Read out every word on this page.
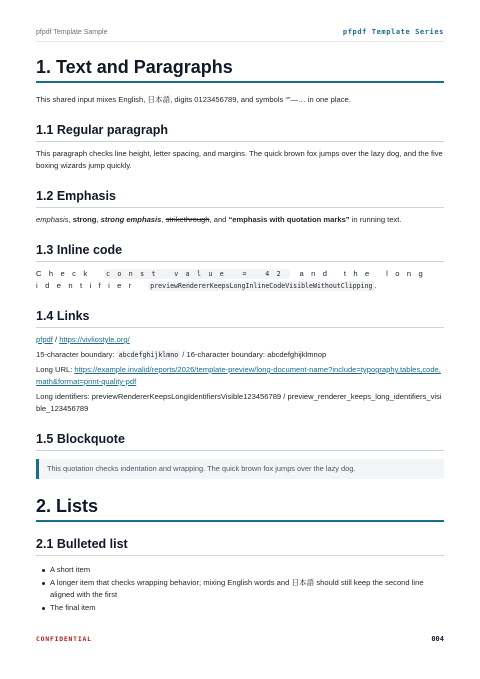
pfpdf Template Sample	pfpdf Template Series
1. Text and Paragraphs

This shared input mixes English, 日本語, digits 0123456789, and symbols “”—… in one place.

1.1 Regular paragraph

This paragraph checks line height, letter spacing, and margins. The quick brown fox jumps over the lazy dog, and the five boxing wizards jump quickly.

1.2 Emphasis

emphasis, strong, strong emphasis, strikethrough, and “emphasis with quotation marks” in running text.

1.3 Inline code

Check const value = 42 and the long identifier previewRendererKeepsLongInlineCodeVisibleWithoutClipping .

1.4 Links

pfpdf / https://vivliostyle.org/

15-character boundary: abcdefghijklmno / 16-character boundary: abcdefghijklmnop

Long URL: https://example.invalid/reports/2026/template-preview/long-document-name?include=typography,tables,code,math&format=print-quality-pdf

Long identifiers: previewRendererKeepsLongIdentifiersVisible123456789 / preview_renderer_keeps_long_identifiers_visible_123456789

1.5 Blockquote
This quotation checks indentation and wrapping. The quick brown fox jumps over the lazy dog.
2. Lists
2.1 Bulleted list
A short item
A longer item that checks wrapping behavior; mixing English words and 日本語 should still keep the second line aligned with the first
The final item
CONFIDENTIAL	004
